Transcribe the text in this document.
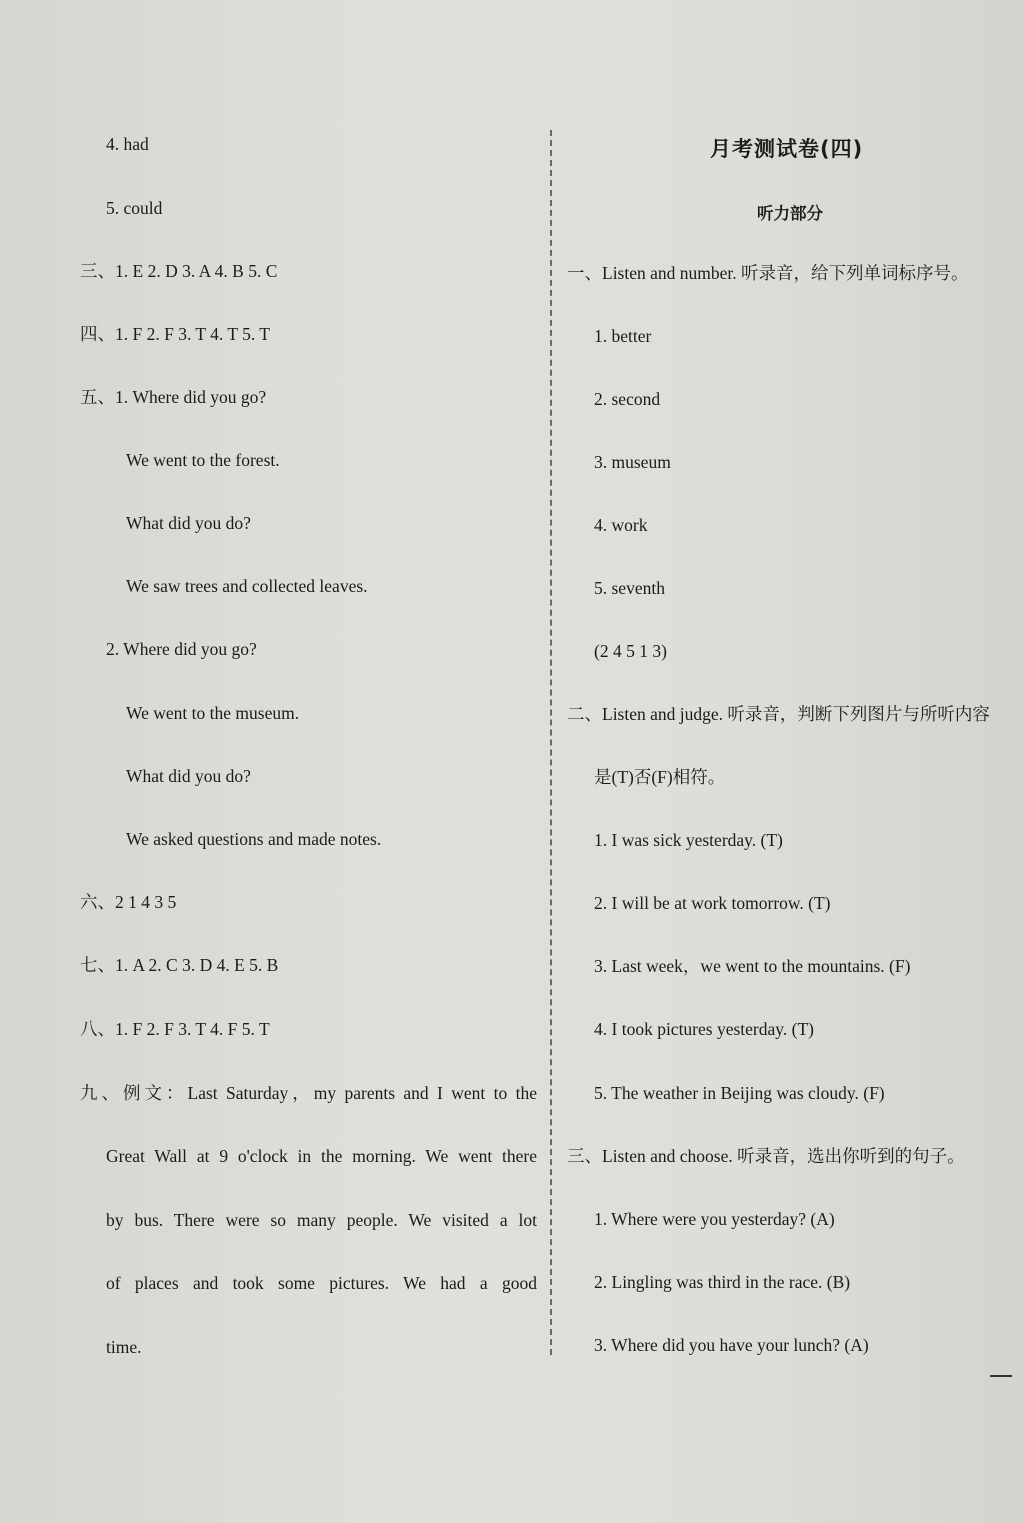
4. had
5. could
三、1. E 2. D 3. A 4. B 5. C
四、1. F 2. F 3. T 4. T 5. T
五、1. Where did you go?
We went to the forest.
What did you do?
We saw trees and collected leaves.
2. Where did you go?
We went to the museum.
What did you do?
We asked questions and made notes.
六、2 1 4 3 5
七、1. A 2. C 3. D 4. E 5. B
八、1. F 2. F 3. T 4. F 5. T
九、例文：Last Saturday，my parents and I went to the
Great Wall at 9 o'clock in the morning. We went there
by bus. There were so many people. We visited a lot
of places and took some pictures. We had a good
time.
月考测试卷(四)
听力部分
一、Listen and number. 听录音，给下列单词标序号。
1. better
2. second
3. museum
4. work
5. seventh
(2 4 5 1 3)
二、Listen and judge. 听录音，判断下列图片与所听内容
是(T)否(F)相符。
1. I was sick yesterday. (T)
2. I will be at work tomorrow. (T)
3. Last week，we went to the mountains. (F)
4. I took pictures yesterday. (T)
5. The weather in Beijing was cloudy. (F)
三、Listen and choose. 听录音，选出你听到的句子。
1. Where were you yesterday? (A)
2. Lingling was third in the race. (B)
3. Where did you have your lunch? (A)
